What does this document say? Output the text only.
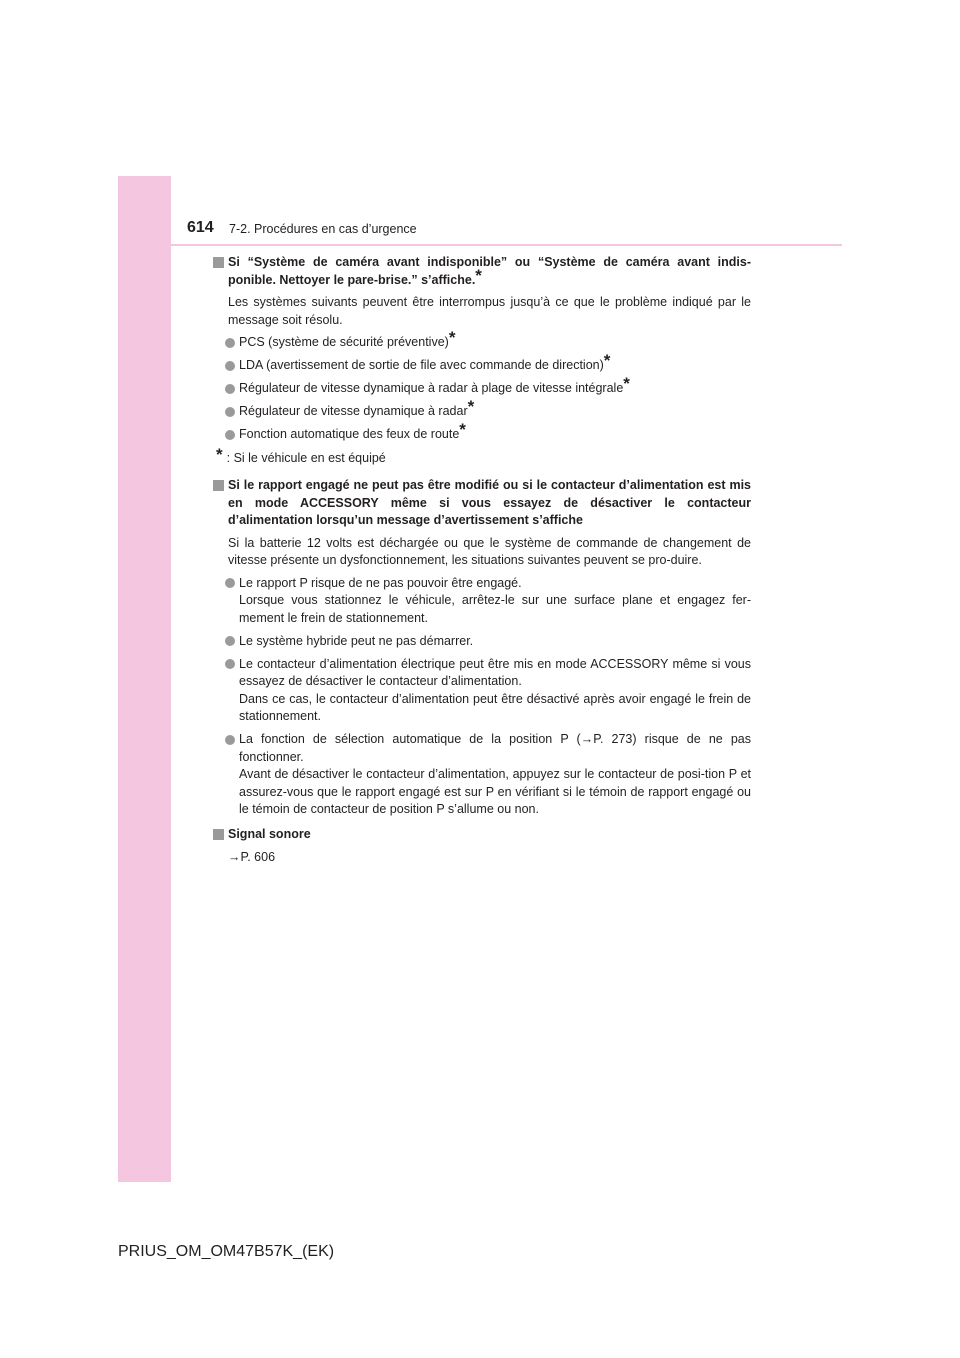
614 7-2. Procédures en cas d’urgence
Si “Système de caméra avant indisponible” ou “Système de caméra avant indis-ponible. Nettoyer le pare-brise.” s’affiche.*
Les systèmes suivants peuvent être interrompus jusqu’à ce que le problème indiqué par le message soit résolu.
PCS (système de sécurité préventive)*
LDA (avertissement de sortie de file avec commande de direction)*
Régulateur de vitesse dynamique à radar à plage de vitesse intégrale*
Régulateur de vitesse dynamique à radar*
Fonction automatique des feux de route*
* : Si le véhicule en est équipé
Si le rapport engagé ne peut pas être modifié ou si le contacteur d’alimentation est mis en mode ACCESSORY même si vous essayez de désactiver le contacteur d’alimentation lorsqu’un message d’avertissement s’affiche
Si la batterie 12 volts est déchargée ou que le système de commande de changement de vitesse présente un dysfonctionnement, les situations suivantes peuvent se pro-duire.
Le rapport P risque de ne pas pouvoir être engagé.
Lorsque vous stationnez le véhicule, arrêtez-le sur une surface plane et engagez fer-mement le frein de stationnement.
Le système hybride peut ne pas démarrer.
Le contacteur d’alimentation électrique peut être mis en mode ACCESSORY même si vous essayez de désactiver le contacteur d’alimentation.
Dans ce cas, le contacteur d’alimentation peut être désactivé après avoir engagé le frein de stationnement.
La fonction de sélection automatique de la position P (→P. 273) risque de ne pas fonctionner.
Avant de désactiver le contacteur d’alimentation, appuyez sur le contacteur de posi-tion P et assurez-vous que le rapport engagé est sur P en vérifiant si le témoin de rapport engagé ou le témoin de contacteur de position P s’allume ou non.
Signal sonore
→P. 606
PRIUS_OM_OM47B57K_(EK)
